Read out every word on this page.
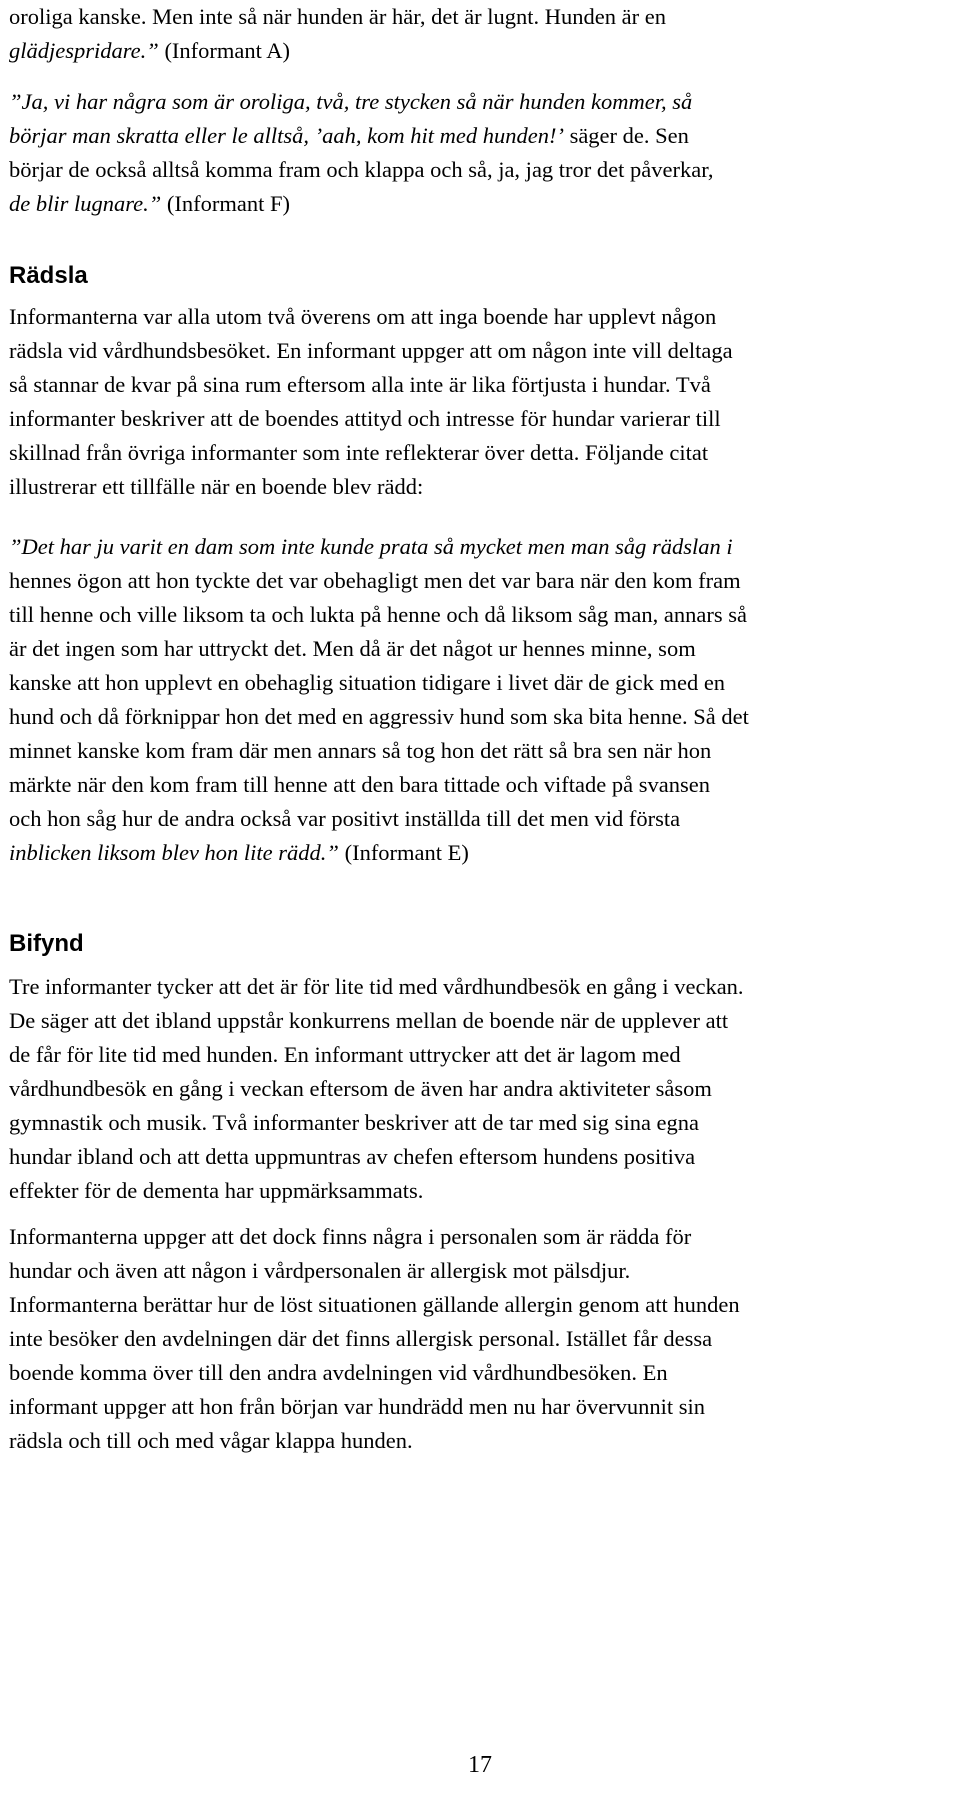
oroliga kanske. Men inte så när hunden är här, det är lugnt. Hunden är en

glädjespridare.” (Informant A)

”Ja, vi har några som är oroliga, två, tre stycken så när hunden kommer, så

börjar man skratta eller le alltså, ’aah, kom hit med hunden!’ säger de. Sen

börjar de också alltså komma fram och klappa och så, ja, jag tror det påverkar,

de blir lugnare.” (Informant F)

Rädsla

Informanterna var alla utom två överens om att inga boende har upplevt någon

rädsla vid vårdhundsbesöket. En informant uppger att om någon inte vill deltaga

så stannar de kvar på sina rum eftersom alla inte är lika förtjusta i hundar. Två

informanter beskriver att de boendes attityd och intresse för hundar varierar till

skillnad från övriga informanter som inte reflekterar över detta. Följande citat

illustrerar ett tillfälle när en boende blev rädd:

”Det har ju varit en dam som inte kunde prata så mycket men man såg rädslan i

hennes ögon att hon tyckte det var obehagligt men det var bara när den kom fram

till henne och ville liksom ta och lukta på henne och då liksom såg man, annars så

är det ingen som har uttryckt det. Men då är det något ur hennes minne, som

kanske att hon upplevt en obehaglig situation tidigare i livet där de gick med en

hund och då förknippar hon det med en aggressiv hund som ska bita henne. Så det

minnet kanske kom fram där men annars så tog hon det rätt så bra sen när hon

märkte när den kom fram till henne att den bara tittade och viftade på svansen

och hon såg hur de andra också var positivt inställda till det men vid första

inblicken liksom blev hon lite rädd.” (Informant E)

Bifynd

Tre informanter tycker att det är för lite tid med vårdhundbesök en gång i veckan.

De säger att det ibland uppstår konkurrens mellan de boende när de upplever att

de får för lite tid med hunden. En informant uttrycker att det är lagom med

vårdhundbesök en gång i veckan eftersom de även har andra aktiviteter såsom

gymnastik och musik. Två informanter beskriver att de tar med sig sina egna

hundar ibland och att detta uppmuntras av chefen eftersom hundens positiva

effekter för de dementa har uppmärksammats.

Informanterna uppger att det dock finns några i personalen som är rädda för

hundar och även att någon i vårdpersonalen är allergisk mot pälsdjur.

Informanterna berättar hur de löst situationen gällande allergin genom att hunden

inte besöker den avdelningen där det finns allergisk personal. Istället får dessa

boende komma över till den andra avdelningen vid vårdhundbesöken. En

informant uppger att hon från början var hundrädd men nu har övervunnit sin

rädsla och till och med vågar klappa hunden.

17
